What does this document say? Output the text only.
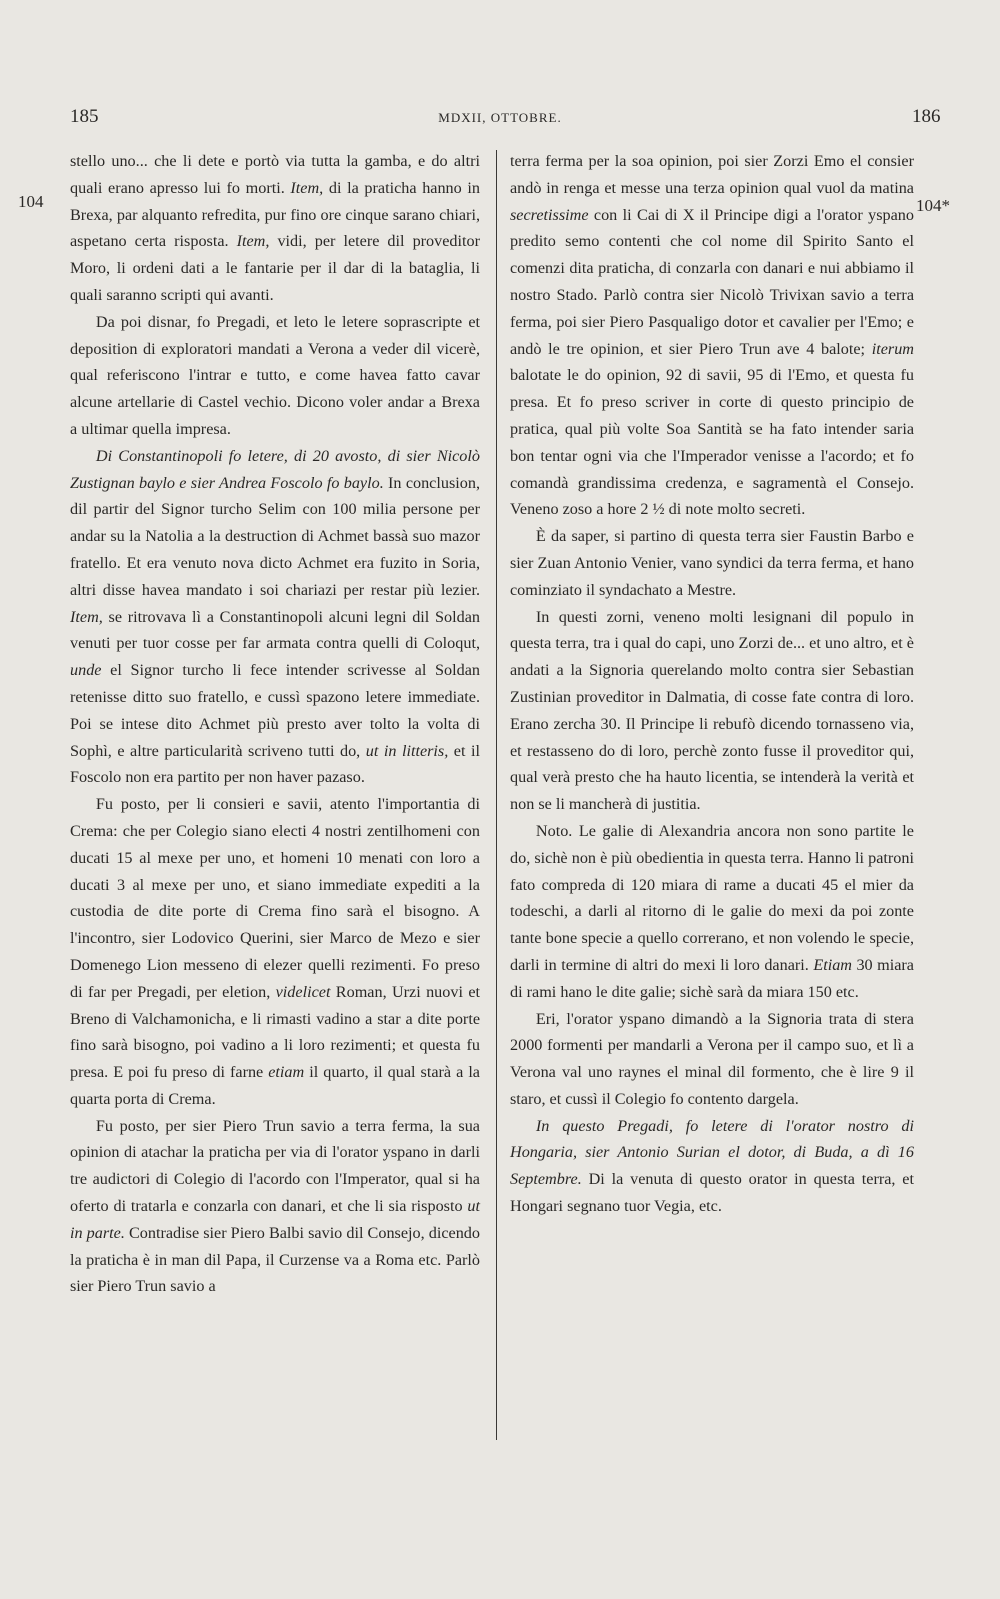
185	MDXII, OTTOBRE.	186
104	104*

stello uno... che li dete e portò via tutta la gamba, e do altri quali erano apresso lui fo morti. Item, di la praticha hanno in Brexa, par alquanto refredita, pur fino ore cinque sarano chiari, aspetano certa risposta. Item, vidi, per letere dil proveditor Moro, li ordeni dati a le fantarie per il dar di la bataglia, li quali saranno scripti qui avanti.

Da poi disnar, fo Pregadi, et leto le letere soprascripte et deposition di exploratori mandati a Verona a veder dil vicerè, qual referiscono l'intrar e tutto, e come havea fatto cavar alcune artellarie di Castel vechio. Dicono voler andar a Brexa a ultimar quella impresa.

Di Constantinopoli fo letere, di 20 avosto, di sier Nicolò Zustignan baylo e sier Andrea Foscolo fo baylo. In conclusion, dil partir del Signor turcho Selim con 100 milia persone per andar su la Natolia a la destruction di Achmet bassà suo mazor fratello. Et era venuto nova dicto Achmet era fuzito in Soria, altri disse havea mandato i soi chariazi per restar più lezier. Item, se ritrovava lì a Constantinopoli alcuni legni dil Soldan venuti per tuor cosse per far armata contra quelli di Coloqut, unde el Signor turcho li fece intender scrivesse al Soldan retenisse ditto suo fratello, e cussì spazono letere immediate. Poi se intese dito Achmet più presto aver tolto la volta di Sophì, e altre particularità scriveno tutti do, ut in litteris, et il Foscolo non era partito per non haver pazaso.

Fu posto, per li consieri e savii, atento l'importantia di Crema: che per Colegio siano electi 4 nostri zentilhomeni con ducati 15 al mexe per uno, et homeni 10 menati con loro a ducati 3 al mexe per uno, et siano immediate expediti a la custodia de dite porte di Crema fino sarà el bisogno. A l'incontro, sier Lodovico Querini, sier Marco de Mezo e sier Domenego Lion messeno di elezer quelli rezimenti. Fo preso di far per Pregadi, per eletion, videlicet Roman, Urzi nuovi et Breno di Valchamonicha, e li rimasti vadino a star a dite porte fino sarà bisogno, poi vadino a li loro rezimenti; et questa fu presa. E poi fu preso di farne etiam il quarto, il qual starà a la quarta porta di Crema.

Fu posto, per sier Piero Trun savio a terra ferma, la sua opinion di atachar la praticha per via di l'orator yspano in darli tre audictori di Colegio di l'acordo con l'Imperator, qual si ha oferto di tratarla e conzarla con danari, et che li sia risposto ut in parte. Contradise sier Piero Balbi savio dil Consejo, dicendo la praticha è in man dil Papa, il Curzense va a Roma etc. Parlò sier Piero Trun savio a

terra ferma per la soa opinion, poi sier Zorzi Emo el consier andò in renga et messe una terza opinion qual vuol da matina secretissime con li Cai di X il Principe digi a l'orator yspano predito semo contenti che col nome dil Spirito Santo el comenzi dita praticha, di conzarla con danari e nui abbiamo il nostro Stado. Parlò contra sier Nicolò Trivixan savio a terra ferma, poi sier Piero Pasqualigo dotor et cavalier per l'Emo; e andò le tre opinion, et sier Piero Trun ave 4 balote; iterum balotate le do opinion, 92 di savii, 95 di l'Emo, et questa fu presa. Et fo preso scriver in corte di questo principio de pratica, qual più volte Soa Santità se ha fato intender saria bon tentar ogni via che l'Imperador venisse a l'acordo; et fo comandà grandissima credenza, e sagramentà el Consejo. Veneno zoso a hore 2 ½ di note molto secreti.

È da saper, si partino di questa terra sier Faustin Barbo e sier Zuan Antonio Venier, vano syndici da terra ferma, et hano cominziato il syndachato a Mestre.

In questi zorni, veneno molti lesignani dil populo in questa terra, tra i qual do capi, uno Zorzi de... et uno altro, et è andati a la Signoria querelando molto contra sier Sebastian Zustinian proveditor in Dalmatia, di cosse fate contra di loro. Erano zercha 30. Il Principe li rebufò dicendo tornasseno via, et restasseno do di loro, perchè zonto fusse il proveditor qui, qual verà presto che ha hauto licentia, se intenderà la verità et non se li mancherà di justitia.

Noto. Le galie di Alexandria ancora non sono partite le do, sichè non è più obedientia in questa terra. Hanno li patroni fato compreda di 120 miara di rame a ducati 45 el mier da todeschi, a darli al ritorno di le galie do mexi da poi zonte tante bone specie a quello correrano, et non volendo le specie, darli in termine di altri do mexi li loro danari. Etiam 30 miara di rami hano le dite galie; sichè sarà da miara 150 etc.

Eri, l'orator yspano dimandò a la Signoria trata di stera 2000 formenti per mandarli a Verona per il campo suo, et lì a Verona val uno raynes el minal dil formento, che è lire 9 il staro, et cussì il Colegio fo contento dargela.

In questo Pregadi, fo letere di l'orator nostro di Hongaria, sier Antonio Surian el dotor, di Buda, a dì 16 Septembre. Di la venuta di questo orator in questa terra, et Hongari segnano tuor Vegia, etc.
